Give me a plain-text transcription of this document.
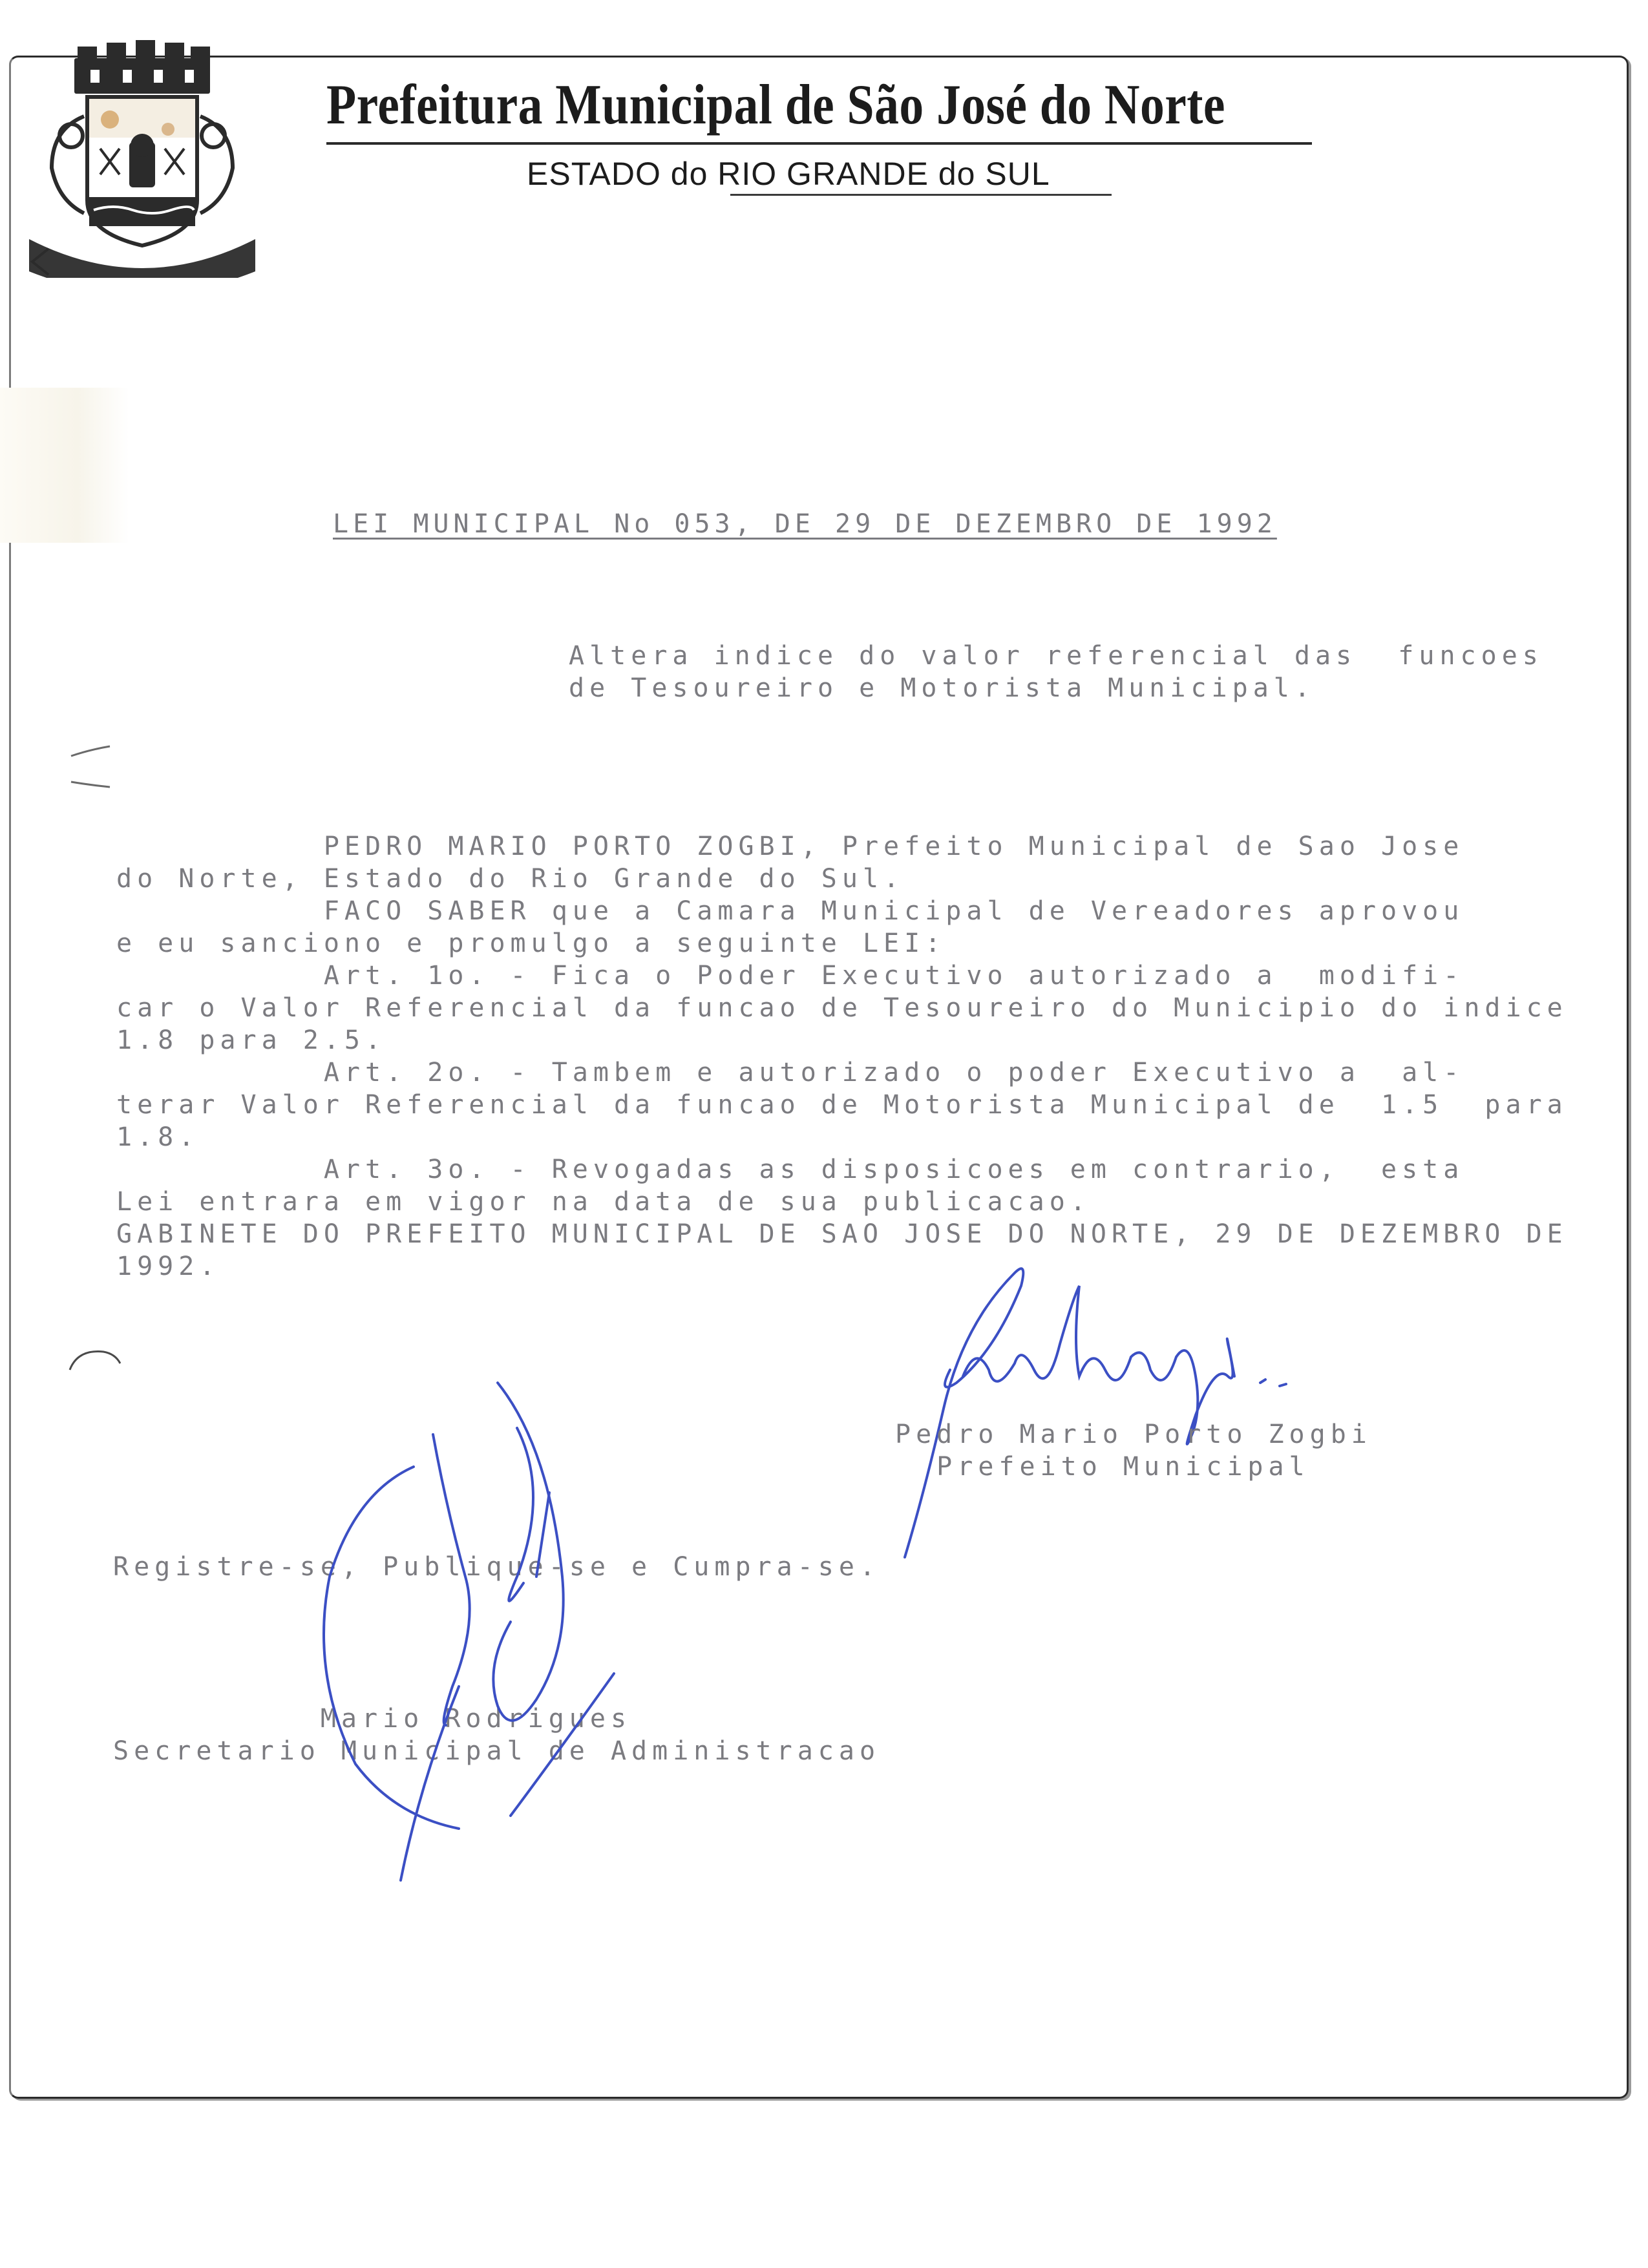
Prefeitura Municipal de São José do Norte
ESTADO do RIO GRANDE do SUL
LEI MUNICIPAL No 053, DE 29 DE DEZEMBRO DE 1992
Altera indice do valor referencial das  funcoes
de Tesoureiro e Motorista Municipal.
PEDRO MARIO PORTO ZOGBI, Prefeito Municipal de Sao Jose
do Norte, Estado do Rio Grande do Sul.
FACO SABER que a Camara Municipal de Vereadores aprovou
e eu sanciono e promulgo a seguinte LEI:
Art. 1o. - Fica o Poder Executivo autorizado a  modifi-
car o Valor Referencial da funcao de Tesoureiro do Municipio do indice
1.8 para 2.5.
Art. 2o. - Tambem e autorizado o poder Executivo a  al-
terar Valor Referencial da funcao de Motorista Municipal de  1.5  para
1.8.
Art. 3o. - Revogadas as disposicoes em contrario,  esta
Lei entrara em vigor na data de sua publicacao.
GABINETE DO PREFEITO MUNICIPAL DE SAO JOSE DO NORTE, 29 DE DEZEMBRO DE
1992.
Pedro Mario Porto Zogbi
Prefeito Municipal
Registre-se, Publique-se e Cumpra-se.
Mario Rodrigues
Secretario Municipal de Administracao
